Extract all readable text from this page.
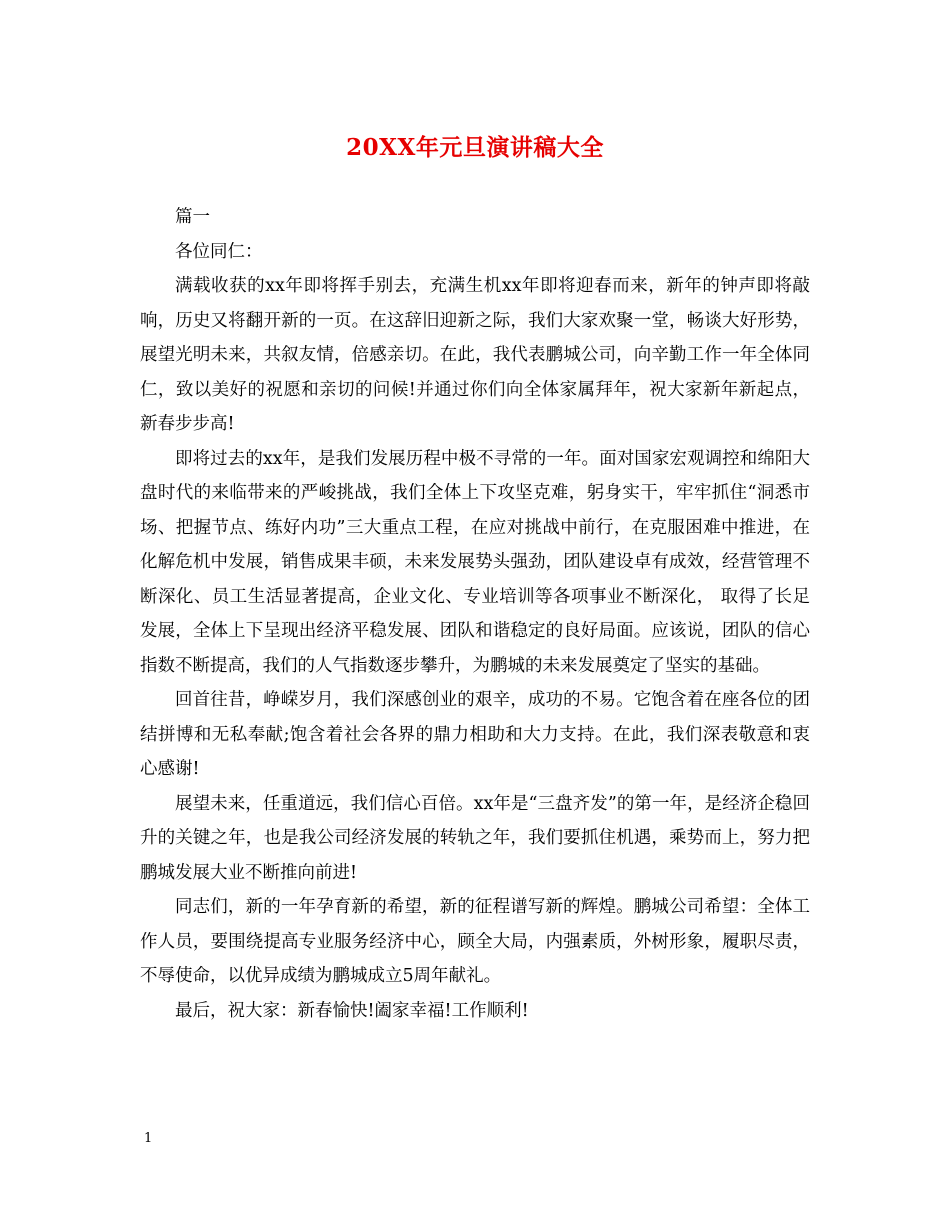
20XX年元旦演讲稿大全

篇一

各位同仁：

满载收获的xx年即将挥手别去，充满生机xx年即将迎春而来，新年的钟声即将敲响，历史又将翻开新的一页。在这辞旧迎新之际，我们大家欢聚一堂，畅谈大好形势，展望光明未来，共叙友情，倍感亲切。在此，我代表鹏城公司，向辛勤工作一年全体同仁，致以美好的祝愿和亲切的问候!并通过你们向全体家属拜年，祝大家新年新起点，新春步步高!

即将过去的xx年，是我们发展历程中极不寻常的一年。面对国家宏观调控和绵阳大盘时代的来临带来的严峻挑战，我们全体上下攻坚克难，躬身实干，牢牢抓住“洞悉市场、把握节点、练好内功”三大重点工程，在应对挑战中前行，在克服困难中推进，在化解危机中发展，销售成果丰硕，未来发展势头强劲，团队建设卓有成效，经营管理不断深化、员工生活显著提高，企业文化、专业培训等各项事业不断深化， 取得了长足发展，全体上下呈现出经济平稳发展、团队和谐稳定的良好局面。应该说，团队的信心指数不断提高，我们的人气指数逐步攀升，为鹏城的未来发展奠定了坚实的基础。

回首往昔，峥嵘岁月，我们深感创业的艰辛，成功的不易。它饱含着在座各位的团结拼博和无私奉献;饱含着社会各界的鼎力相助和大力支持。在此，我们深表敬意和衷心感谢!

展望未来，任重道远，我们信心百倍。xx年是“三盘齐发”的第一年，是经济企稳回升的关键之年，也是我公司经济发展的转轨之年，我们要抓住机遇，乘势而上，努力把鹏城发展大业不断推向前进!

同志们，新的一年孕育新的希望，新的征程谱写新的辉煌。鹏城公司希望：全体工作人员，要围绕提高专业服务经济中心，顾全大局，内强素质，外树形象，履职尽责，不辱使命，以优异成绩为鹏城成立5周年献礼。

最后，祝大家：新春愉快!阖家幸福!工作顺利!

1
